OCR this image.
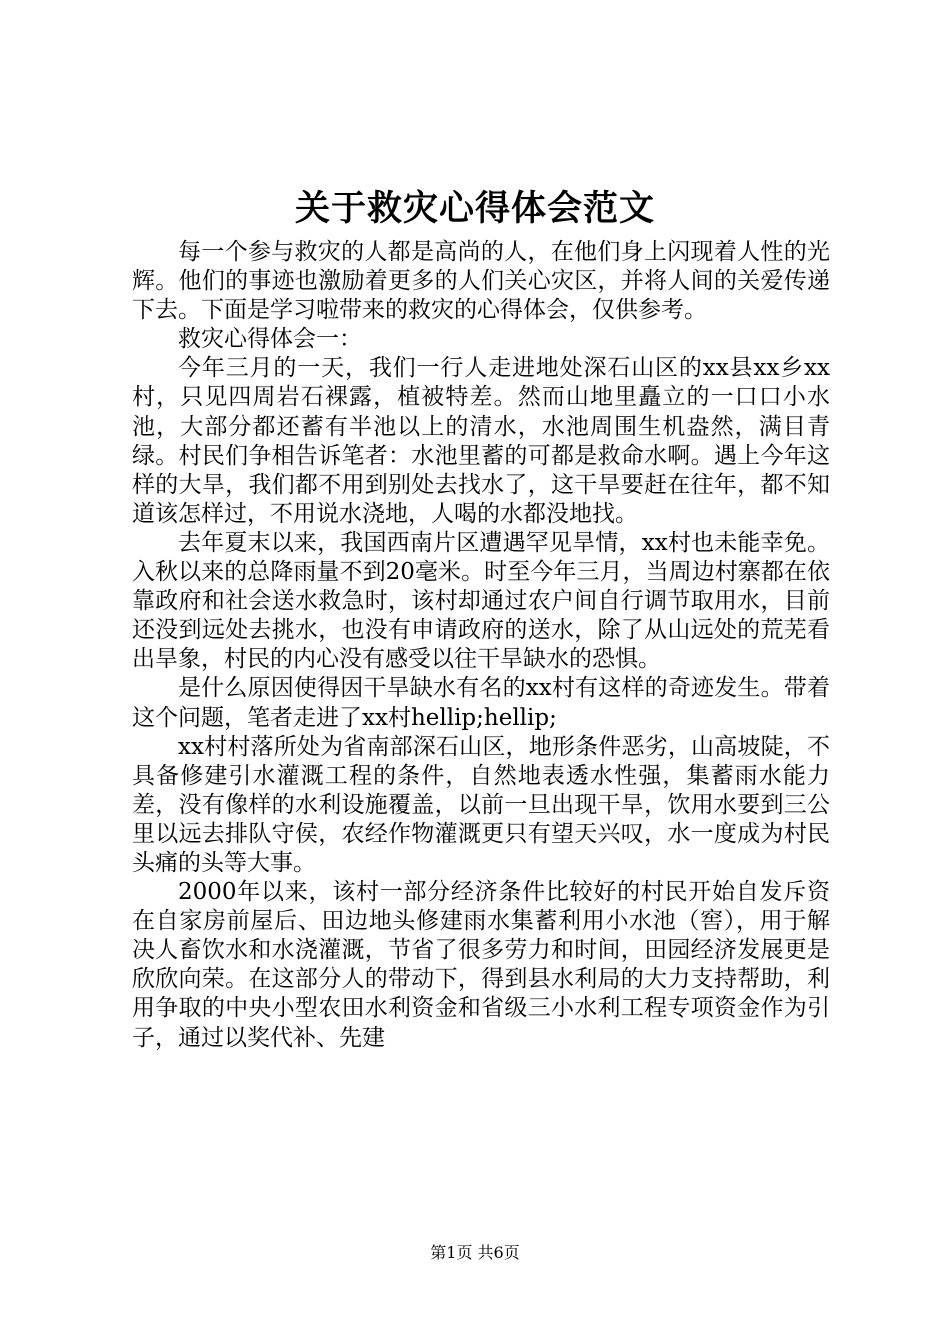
关于救灾心得体会范文

每一个参与救灾的人都是高尚的人，在他们身上闪现着人性的光辉。他们的事迹也激励着更多的人们关心灾区，并将人间的关爱传递下去。下面是学习啦带来的救灾的心得体会，仅供参考。

救灾心得体会一：

今年三月的一天，我们一行人走进地处深石山区的xx县xx乡xx村，只见四周岩石裸露，植被特差。然而山地里矗立的一口口小水池，大部分都还蓄有半池以上的清水，水池周围生机盎然，满目青绿。村民们争相告诉笔者：水池里蓄的可都是救命水啊。遇上今年这样的大旱，我们都不用到别处去找水了，这干旱要赶在往年，都不知道该怎样过，不用说水浇地，人喝的水都没地找。

去年夏末以来，我国西南片区遭遇罕见旱情，xx村也未能幸免。入秋以来的总降雨量不到20毫米。时至今年三月，当周边村寨都在依靠政府和社会送水救急时，该村却通过农户间自行调节取用水，目前还没到远处去挑水，也没有申请政府的送水，除了从山远处的荒芜看出旱象，村民的内心没有感受以往干旱缺水的恐惧。

是什么原因使得因干旱缺水有名的xx村有这样的奇迹发生。带着这个问题，笔者走进了xx村hellip;hellip;

xx村村落所处为省南部深石山区，地形条件恶劣，山高坡陡，不具备修建引水灌溉工程的条件，自然地表透水性强，集蓄雨水能力差，没有像样的水利设施覆盖，以前一旦出现干旱，饮用水要到三公里以远去排队守侯，农经作物灌溉更只有望天兴叹，水一度成为村民头痛的头等大事。

2000年以来，该村一部分经济条件比较好的村民开始自发斥资在自家房前屋后、田边地头修建雨水集蓄利用小水池（窖），用于解决人畜饮水和水浇灌溉，节省了很多劳力和时间，田园经济发展更是欣欣向荣。在这部分人的带动下，得到县水利局的大力支持帮助，利用争取的中央小型农田水利资金和省级三小水利工程专项资金作为引子，通过以奖代补、先建

第1页 共6页
